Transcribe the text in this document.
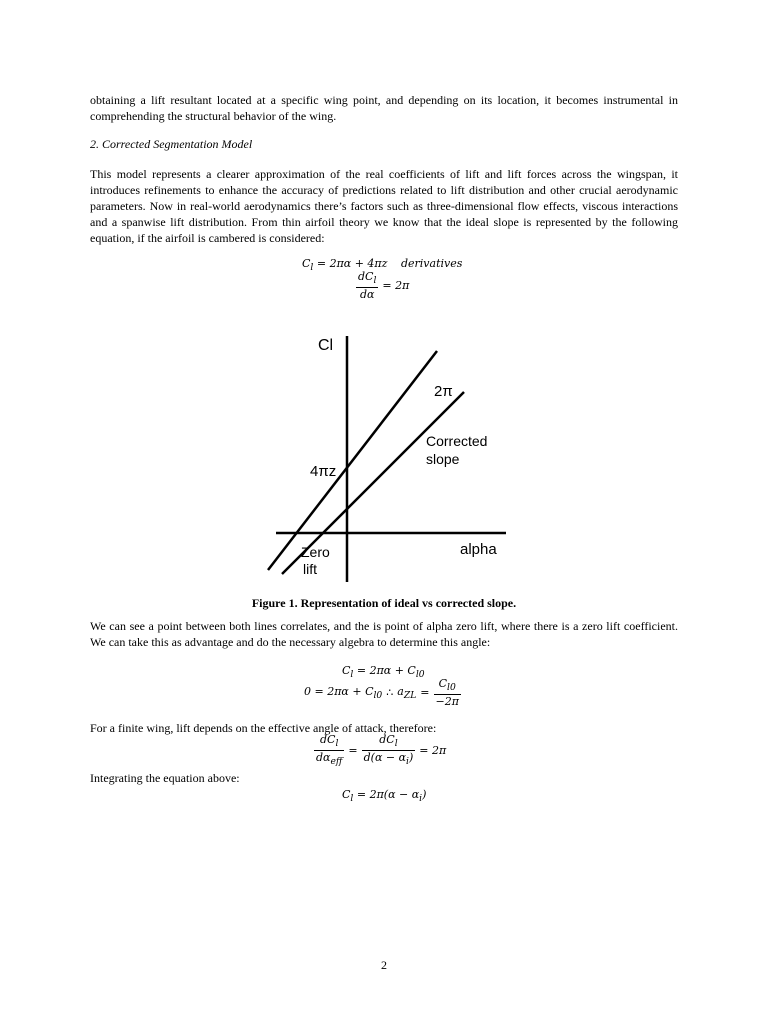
obtaining a lift resultant located at a specific wing point, and depending on its location, it becomes instrumental in comprehending the structural behavior of the wing.

2. Corrected Segmentation Model

This model represents a clearer approximation of the real coefficients of lift and lift forces across the wingspan, it introduces refinements to enhance the accuracy of predictions related to lift distribution and other crucial aerodynamic parameters. Now in real-world aerodynamics there’s factors such as three-dimensional flow effects, viscous interactions and a spanwise lift distribution. From thin airfoil theory we know that the ideal slope is represented by the following equation, if the airfoil is cambered is considered:

$C_l = 2\pi\alpha + 4\pi z$ derivatives
$\frac{dC_l}{d\alpha} = 2\pi$
Cl
2π
Corrected
slope
4πz
alpha
Zero
lift

Figure 1. Representation of ideal vs corrected slope.

We can see a point between both lines correlates, and the is point of alpha zero lift, where there is a zero lift coefficient. We can take this as advantage and do the necessary algebra to determine this angle:

$C_l = 2\pi\alpha + C_{l0}$
$0 = 2\pi\alpha + C_{l0}$ ∴ $a_{ZL} = \frac{C_{l0}}{-2\pi}$

For a finite wing, lift depends on the effective angle of attack, therefore:

$\frac{dC_l}{d\alpha_{eff}} = \frac{dC_l}{d(\alpha - \alpha_i)} = 2\pi$

Integrating the equation above:

$C_l = 2\pi(\alpha - \alpha_i)$
2
